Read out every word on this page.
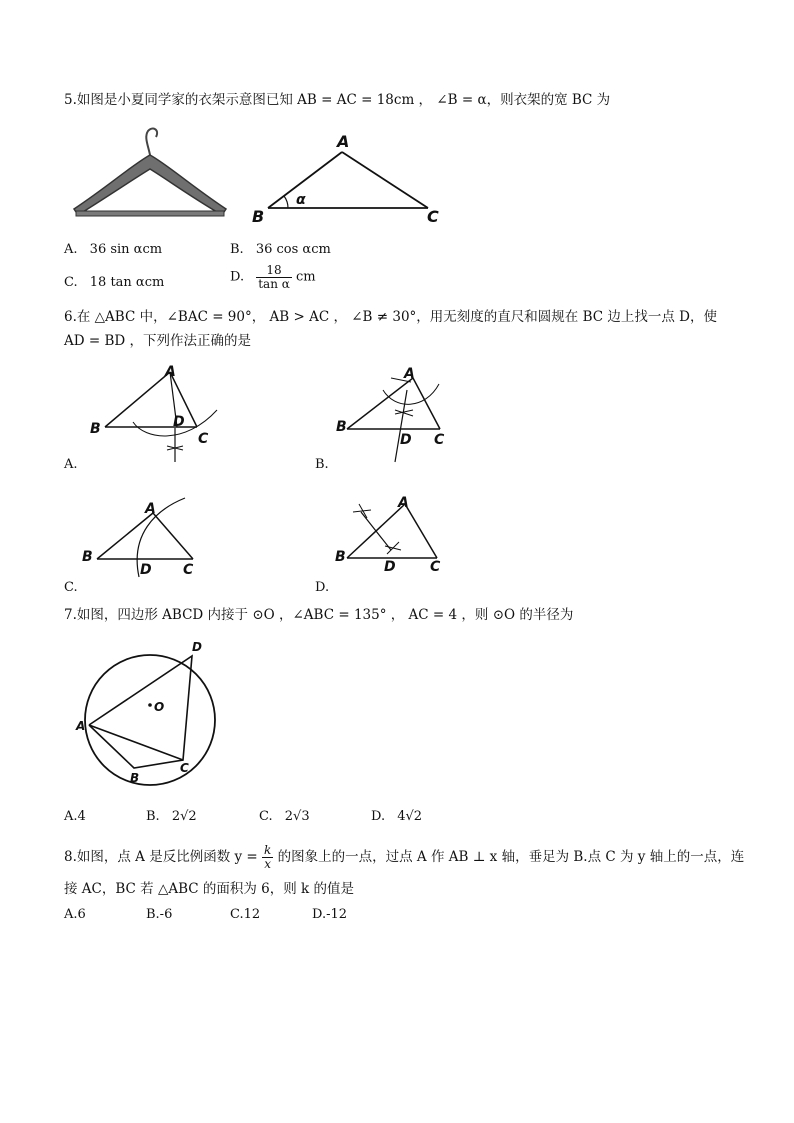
5.如图是小夏同学家的衣架示意图已知 AB = AC = 18cm ， ∠B = α，则衣架的宽 BC 为
A
B	C
α
A. 36 sin αcm	B. 36 cos αcm
C. 18 tan αcm	D. $\frac{18}{\text{tan α}}$ cm
6.在 △ABC 中，∠BAC = 90°， AB > AC ， ∠B ≠ 30°，用无刻度的直尺和圆规在 BC 边上找一点 D，使
AD = BD ，下列作法正确的是
A
B
C
D
A.
A
B
C
D
B.
A
B
C
D
C.
A
B
C
D
D.
7.如图，四边形 ABCD 内接于 ⊙O ，∠ABC = 135° ， AC = 4 ，则 ⊙O 的半径为
D
A
C
B
O
A.4	B. 2√2	C. 2√3	D. 4√2
8.如图，点 A 是反比例函数 $y = \frac{k}{x}$ 的图象上的一点，过点 A 作 AB ⊥ x 轴，垂足为 B.点 C 为 y 轴上的一点，连
接 AC，BC 若 △ABC 的面积为 6，则 k 的值是
A.6	B.-6	C.12	D.-12
